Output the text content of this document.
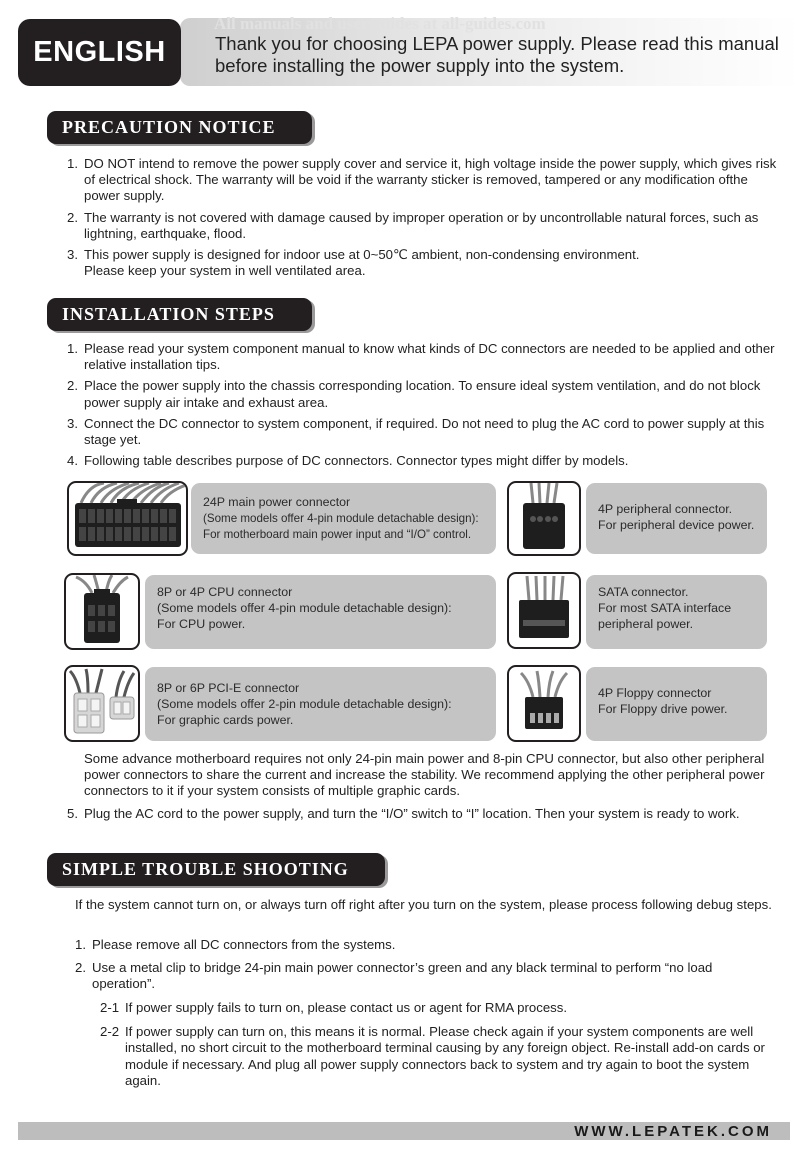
All manuals and user guides at all-guides.com
ENGLISH	Thank you for choosing LEPA power supply. Please read this manual before installing the power supply into the system.
PRECAUTION NOTICE
1. DO NOT intend to remove the power supply cover and service it, high voltage inside the power supply, which gives risk of electrical shock. The warranty will be void if the warranty sticker is removed, tampered or any modification ofthe power supply.
2. The warranty is not covered with damage caused by improper operation or by uncontrollable natural forces, such as lightning, earthquake, flood.
3. This power supply is designed for indoor use at 0~50℃ ambient, non-condensing environment. Please keep your system in well ventilated area.
INSTALLATION STEPS
1. Please read your system component manual to know what kinds of DC connectors are needed to be applied and other relative installation tips.
2. Place the power supply into the chassis corresponding location. To ensure ideal system ventilation, and do not block power supply air intake and exhaust area.
3. Connect the DC connector to system component, if required. Do not need to plug the AC cord to power supply at this stage yet.
4. Following table describes purpose of DC connectors. Connector types might differ by models.
24P main power connector
(Some models offer 4-pin module detachable design):
For motherboard main power input and “I/O” control.
4P peripheral connector.
For peripheral device power.
8P or 4P CPU connector
(Some models offer 4-pin module detachable design):
For CPU power.
SATA connector.
For most SATA interface
peripheral power.
8P or 6P PCI-E connector
(Some models offer 2-pin module detachable design):
For graphic cards power.
4P Floppy connector
For Floppy drive power.

Some advance motherboard requires not only 24-pin main power and 8-pin CPU connector, but also other peripheral power connectors to share the current and increase the stability. We recommend applying the other peripheral power connectors to it if your system consists of multiple graphic cards.

5. Plug the AC cord to the power supply, and turn the “I/O” switch to “I” location. Then your system is ready to work.
SIMPLE TROUBLE SHOOTING

If the system cannot turn on, or always turn off right after you turn on the system, please process following debug steps.

1. Please remove all DC connectors from the systems.
2. Use a metal clip to bridge 24-pin main power connector’s green and any black terminal to perform “no load operation”.
2-1 If power supply fails to turn on, please contact us or agent for RMA process.
2-2 If power supply can turn on, this means it is normal. Please check again if your system components are well installed, no short circuit to the motherboard terminal causing by any foreign object. Re-install add-on cards or module if necessary. And plug all power supply connectors back to system and try again to boot the system again.
WWW.LEPATEK.COM
